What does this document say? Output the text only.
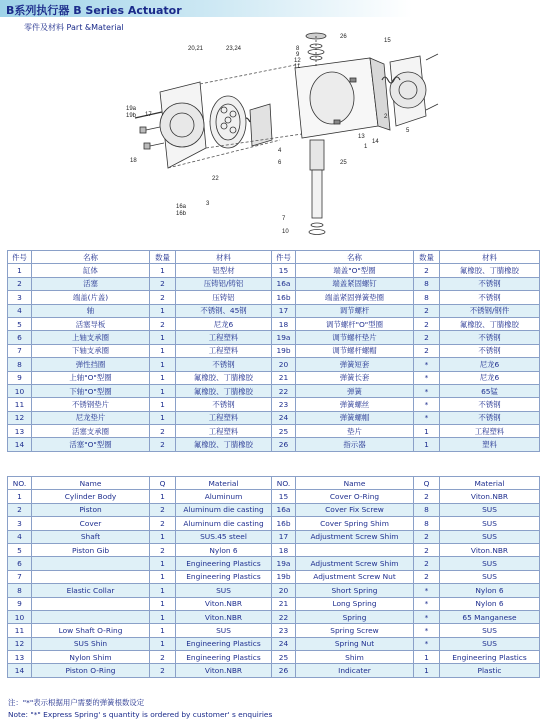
B系列执行器 B Series Actuator
零件及材料 Part &Material
26
8
9
12
11
15
20,21	23,24
19a
19b 17
18
16a
16b
22
3
4
6
5
2
14
13
1
25
7
10
件号	名称	数量	材料	件号	名称	数量	材料
1	缸体	1	铝型材	15	端盖"O"型圈	2	氟橡胶、丁腈橡胶
2	活塞	2	压铸铝/铸铝	16a	端盖紧固螺钉	8	不锈钢
3	端盖(片盖)	2	压铸铝	16b	端盖紧固弹簧垫圈	8	不锈钢
4	轴	1	不锈钢、45钢	17	调节螺杆	2	不锈钢/钢件
5	活塞导板	2	尼龙6	18	调节螺杆"O"型圈	2	氟橡胶、丁腈橡胶
6	上轴支承圈	1	工程塑料	19a	调节螺杆垫片	2	不锈钢
7	下轴支承圈	1	工程塑料	19b	调节螺杆螺帽	2	不锈钢
8	弹性挡圈	1	不锈钢	20	弹簧短套	*	尼龙6
9	上轴"O"型圈	1	氟橡胶、丁腈橡胶	21	弹簧长套	*	尼龙6
10	下轴"O"型圈	1	氟橡胶、丁腈橡胶	22	弹簧	*	65锰
11	不锈钢垫片	1	不锈钢	23	弹簧螺丝	*	不锈钢
12	尼龙垫片	1	工程塑料	24	弹簧螺帽	*	不锈钢
13	活塞支承圈	2	工程塑料	25	垫片	1	工程塑料
14	活塞"O"型圈	2	氟橡胶、丁腈橡胶	26	指示器	1	塑料
NO.	Name	Q	Material	NO.	Name	Q	Material
1	Cylinder Body	1	Aluminum	15	Cover O-Ring	2	Viton.NBR
2	Piston	2	Aluminum die casting	16a	Cover Fix Screw	8	SUS
3	Cover	2	Aluminum die casting	16b	Cover Spring Shim	8	SUS
4	Shaft	1	SUS.45 steel	17	Adjustment Screw Shim	2	SUS
5	Piston Gib	2	Nylon 6	18		2	Viton.NBR
6		1	Engineering Plastics	19a	Adjustment Screw Shim	2	SUS
7		1	Engineering Plastics	19b	Adjustment Screw Nut	2	SUS
8	Elastic Collar	1	SUS	20	Short Spring	*	Nylon 6
9		1	Viton.NBR	21	Long Spring	*	Nylon 6
10		1	Viton.NBR	22	Spring	*	65 Manganese
11	Low Shaft O-Ring	1	SUS	23	Spring Screw	*	SUS
12	SUS Shin	1	Engineering Plastics	24	Spring Nut	*	SUS
13	Nylon Shim	2	Engineering Plastics	25	Shim	1	Engineering Plastics
14	Piston O-Ring	2	Viton.NBR	26	Indicater	1	Plastic
注："*"表示根据用户需要的弹簧根数设定
Note: "*" Express Spring' s quantity is ordered by customer' s enquiries
